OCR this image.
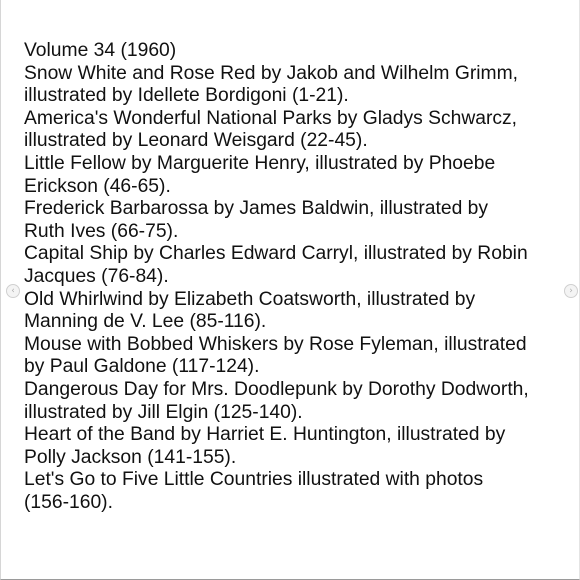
Volume 34 (1960)
Snow White and Rose Red by Jakob and Wilhelm Grimm,
illustrated by Idellete Bordigoni (1-21).
America's Wonderful National Parks by Gladys Schwarcz,
illustrated by Leonard Weisgard (22-45).
Little Fellow by Marguerite Henry, illustrated by Phoebe
Erickson (46-65).
Frederick Barbarossa by James Baldwin, illustrated by
Ruth Ives (66-75).
Capital Ship by Charles Edward Carryl, illustrated by Robin
Jacques (76-84).
Old Whirlwind by Elizabeth Coatsworth, illustrated by
Manning de V. Lee (85-116).
Mouse with Bobbed Whiskers by Rose Fyleman, illustrated
by Paul Galdone (117-124).
Dangerous Day for Mrs. Doodlepunk by Dorothy Dodworth,
illustrated by Jill Elgin (125-140).
Heart of the Band by Harriet E. Huntington, illustrated by
Polly Jackson (141-155).
Let's Go to Five Little Countries illustrated with photos
(156-160).
‹	›
